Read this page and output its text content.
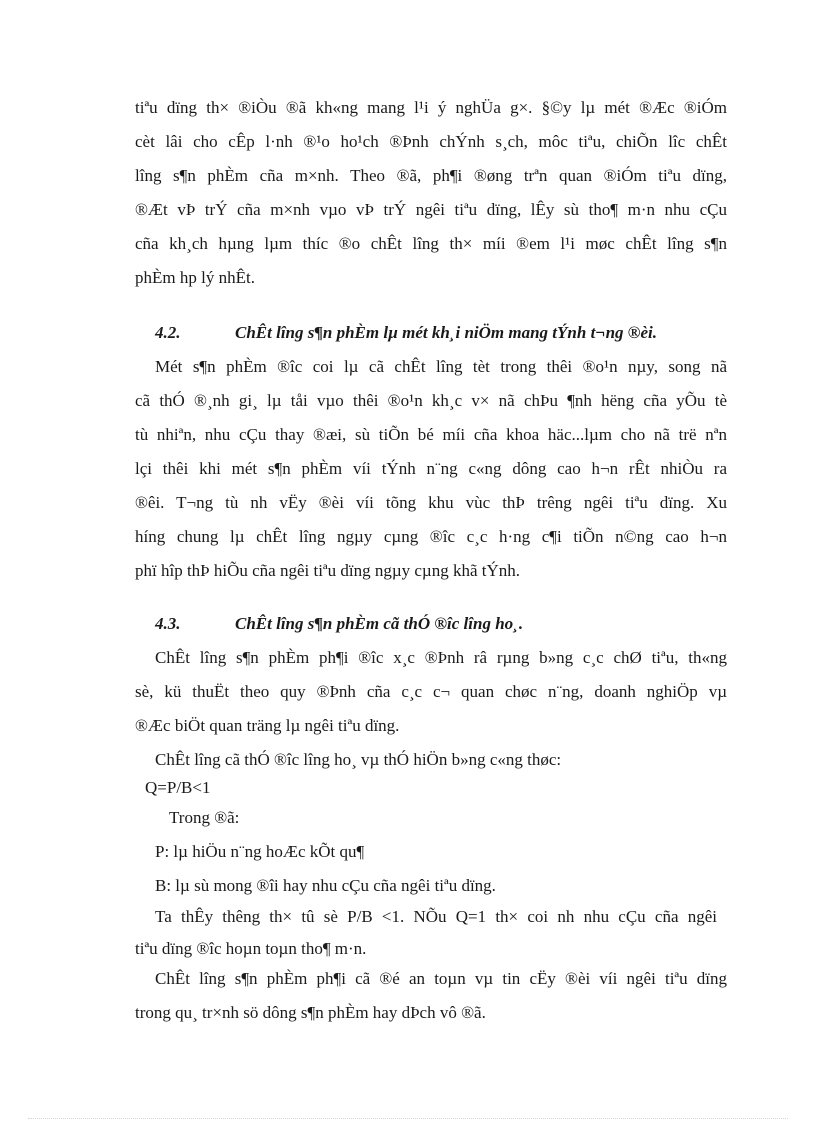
tiªu dïng th× ®iÒu ®ã kh«ng mang l¹i ý nghÜa g×. §©y lµ mét ®Æc ®iÓm
cèt lâi cho cÊp l·nh ®¹o ho¹ch ®Þnh chÝnh s¸ch, môc tiªu, chiÕn lîc chÊt
lîng s¶n phÈm cña m×nh. Theo ®ã, ph¶i ®øng trªn quan ®iÓm tiªu dïng,
®Æt vÞ trÝ cña m×nh vµo vÞ trÝ ngêi tiªu dïng, lÊy sù tho¶ m·n nhu cÇu
cña kh¸ch hµng lµm thíc ®o chÊt lîng th× míi ®em l¹i møc chÊt lîng s¶n
phÈm hp lý nhÊt.
4.2.	ChÊt lîng s¶n phÈm lµ mét kh¸i niÖm mang tÝnh t¬ng ®èi.
Mét s¶n phÈm ®îc coi lµ cã chÊt lîng tèt trong thêi ®o¹n nµy, song nã
cã thÓ ®¸nh gi¸ lµ tåi vµo thêi ®o¹n kh¸c v× nã chÞu ¶nh hëng cña yÕu tè
tù nhiªn, nhu cÇu thay ®æi, sù tiÕn bé míi cña khoa häc...lµm cho nã trë nªn
lçi thêi khi mét s¶n phÈm víi tÝnh n¨ng c«ng dông cao h¬n rÊt nhiÒu ra
®êi. T¬ng tù nh vËy ®èi víi tõng khu vùc thÞ trêng ngêi tiªu dïng. Xu
híng chung lµ chÊt lîng ngµy cµng ®îc c¸c h·ng c¶i tiÕn n©ng cao h¬n
phï hîp thÞ hiÕu cña ngêi tiªu dïng ngµy cµng khã tÝnh.
4.3.	ChÊt lîng s¶n phÈm cã thÓ ®îc lîng ho¸.
ChÊt lîng s¶n phÈm ph¶i ®îc x¸c ®Þnh râ rµng b»ng c¸c chØ tiªu, th«ng
sè, kü thuËt theo quy ®Þnh cña c¸c c¬ quan chøc n¨ng, doanh nghiÖp vµ
®Æc biÖt quan träng lµ ngêi tiªu dïng.
ChÊt lîng cã thÓ ®îc lîng ho¸ vµ thÓ hiÖn b»ng c«ng thøc:
Q=P/B<1
Trong ®ã:
P: lµ hiÖu n¨ng hoÆc kÕt qu¶
B: lµ sù mong ®îi hay nhu cÇu cña ngêi tiªu dïng.
Ta thÊy thêng th× tû sè P/B <1. NÕu Q=1 th× coi nh nhu cÇu cña ngêi
tiªu dïng ®îc hoµn toµn tho¶ m·n.
ChÊt lîng s¶n phÈm ph¶i cã ®é an toµn vµ tin cËy ®èi víi ngêi tiªu dïng
trong qu¸ tr×nh sö dông s¶n phÈm hay dÞch vô ®ã.
